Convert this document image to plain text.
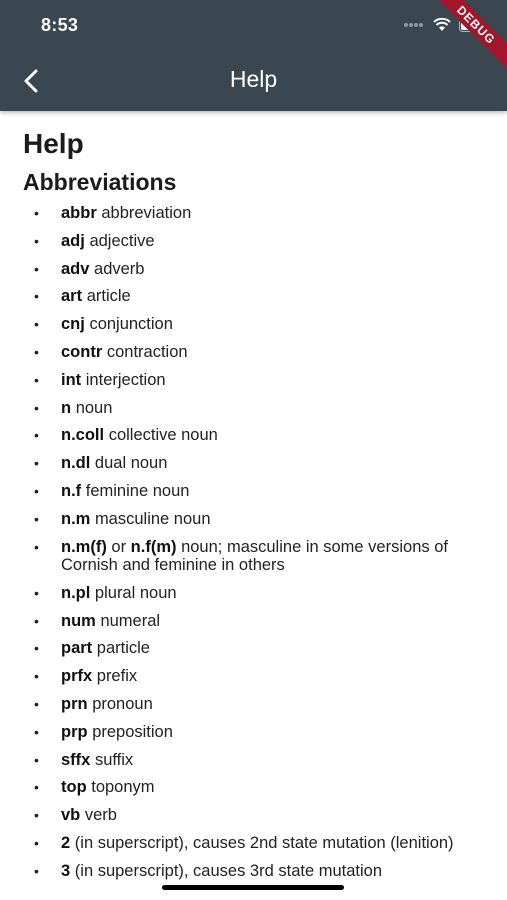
8:53	DEBUG
Help
Help
Abbreviations
• abbr abbreviation
• adj adjective
• adv adverb
• art article
• cnj conjunction
• contr contraction
• int interjection
• n noun
• n.coll collective noun
• n.dl dual noun
• n.f feminine noun
• n.m masculine noun
• n.m(f) or n.f(m) noun; masculine in some versions of Cornish and feminine in others
• n.pl plural noun
• num numeral
• part particle
• prfx prefix
• prn pronoun
• prp preposition
• sffx suffix
• top toponym
• vb verb
• 2 (in superscript), causes 2nd state mutation (lenition)
• 3 (in superscript), causes 3rd state mutation
